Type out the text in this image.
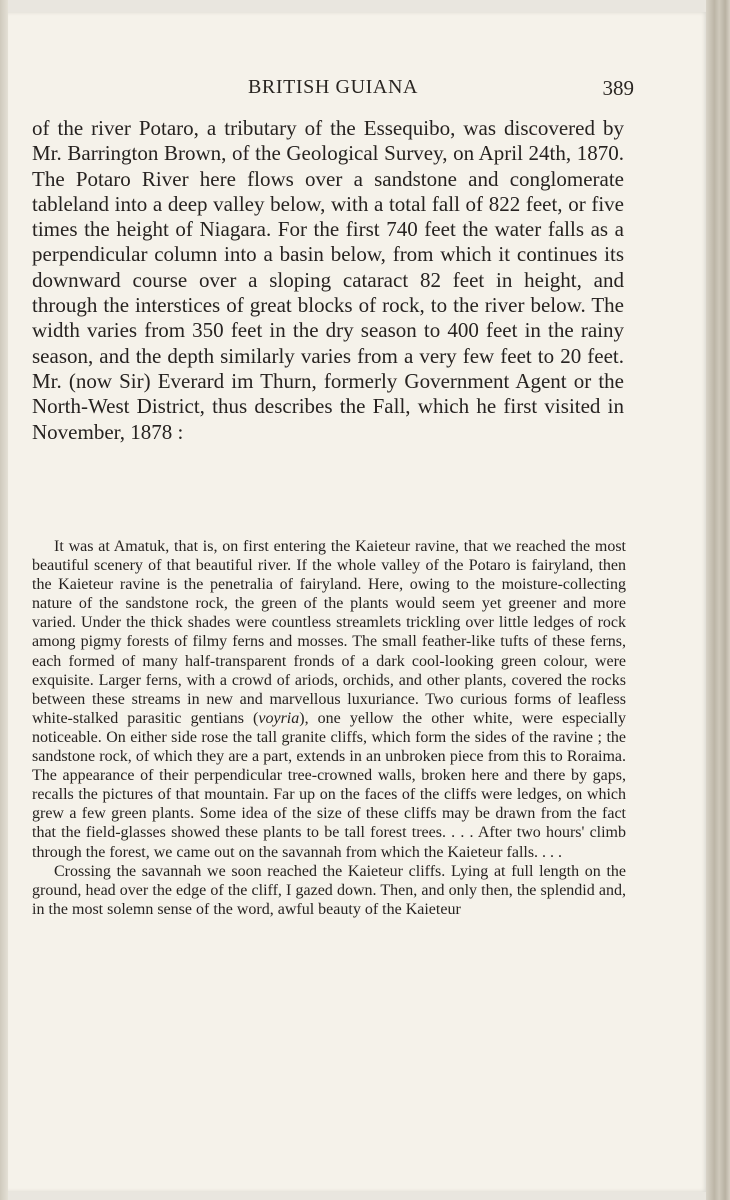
BRITISH GUIANA	389

of the river Potaro, a tributary of the Essequibo, was discovered by Mr. Barrington Brown, of the Geological Survey, on April 24th, 1870. The Potaro River here flows over a sandstone and conglomerate tableland into a deep valley below, with a total fall of 822 feet, or five times the height of Niagara. For the first 740 feet the water falls as a perpendicular column into a basin below, from which it continues its downward course over a sloping cataract 82 feet in height, and through the interstices of great blocks of rock, to the river below. The width varies from 350 feet in the dry season to 400 feet in the rainy season, and the depth similarly varies from a very few feet to 20 feet. Mr. (now Sir) Everard im Thurn, formerly Government Agent or the North-West District, thus describes the Fall, which he first visited in November, 1878 :

It was at Amatuk, that is, on first entering the Kaieteur ravine, that we reached the most beautiful scenery of that beautiful river. If the whole valley of the Potaro is fairyland, then the Kaieteur ravine is the penetralia of fairyland. Here, owing to the moisture-collecting nature of the sandstone rock, the green of the plants would seem yet greener and more varied. Under the thick shades were countless streamlets trickling over little ledges of rock among pigmy forests of filmy ferns and mosses. The small feather-like tufts of these ferns, each formed of many half-transparent fronds of a dark cool-looking green colour, were exquisite. Larger ferns, with a crowd of ariods, orchids, and other plants, covered the rocks between these streams in new and marvellous luxuriance. Two curious forms of leafless white-stalked parasitic gentians (voyria), one yellow the other white, were especially noticeable. On either side rose the tall granite cliffs, which form the sides of the ravine ; the sandstone rock, of which they are a part, extends in an unbroken piece from this to Roraima. The appearance of their perpendicular tree-crowned walls, broken here and there by gaps, recalls the pictures of that mountain. Far up on the faces of the cliffs were ledges, on which grew a few green plants. Some idea of the size of these cliffs may be drawn from the fact that the field-glasses showed these plants to be tall forest trees. . . . After two hours' climb through the forest, we came out on the savannah from which the Kaieteur falls. . . .

Crossing the savannah we soon reached the Kaieteur cliffs. Lying at full length on the ground, head over the edge of the cliff, I gazed down. Then, and only then, the splendid and, in the most solemn sense of the word, awful beauty of the Kaieteur
